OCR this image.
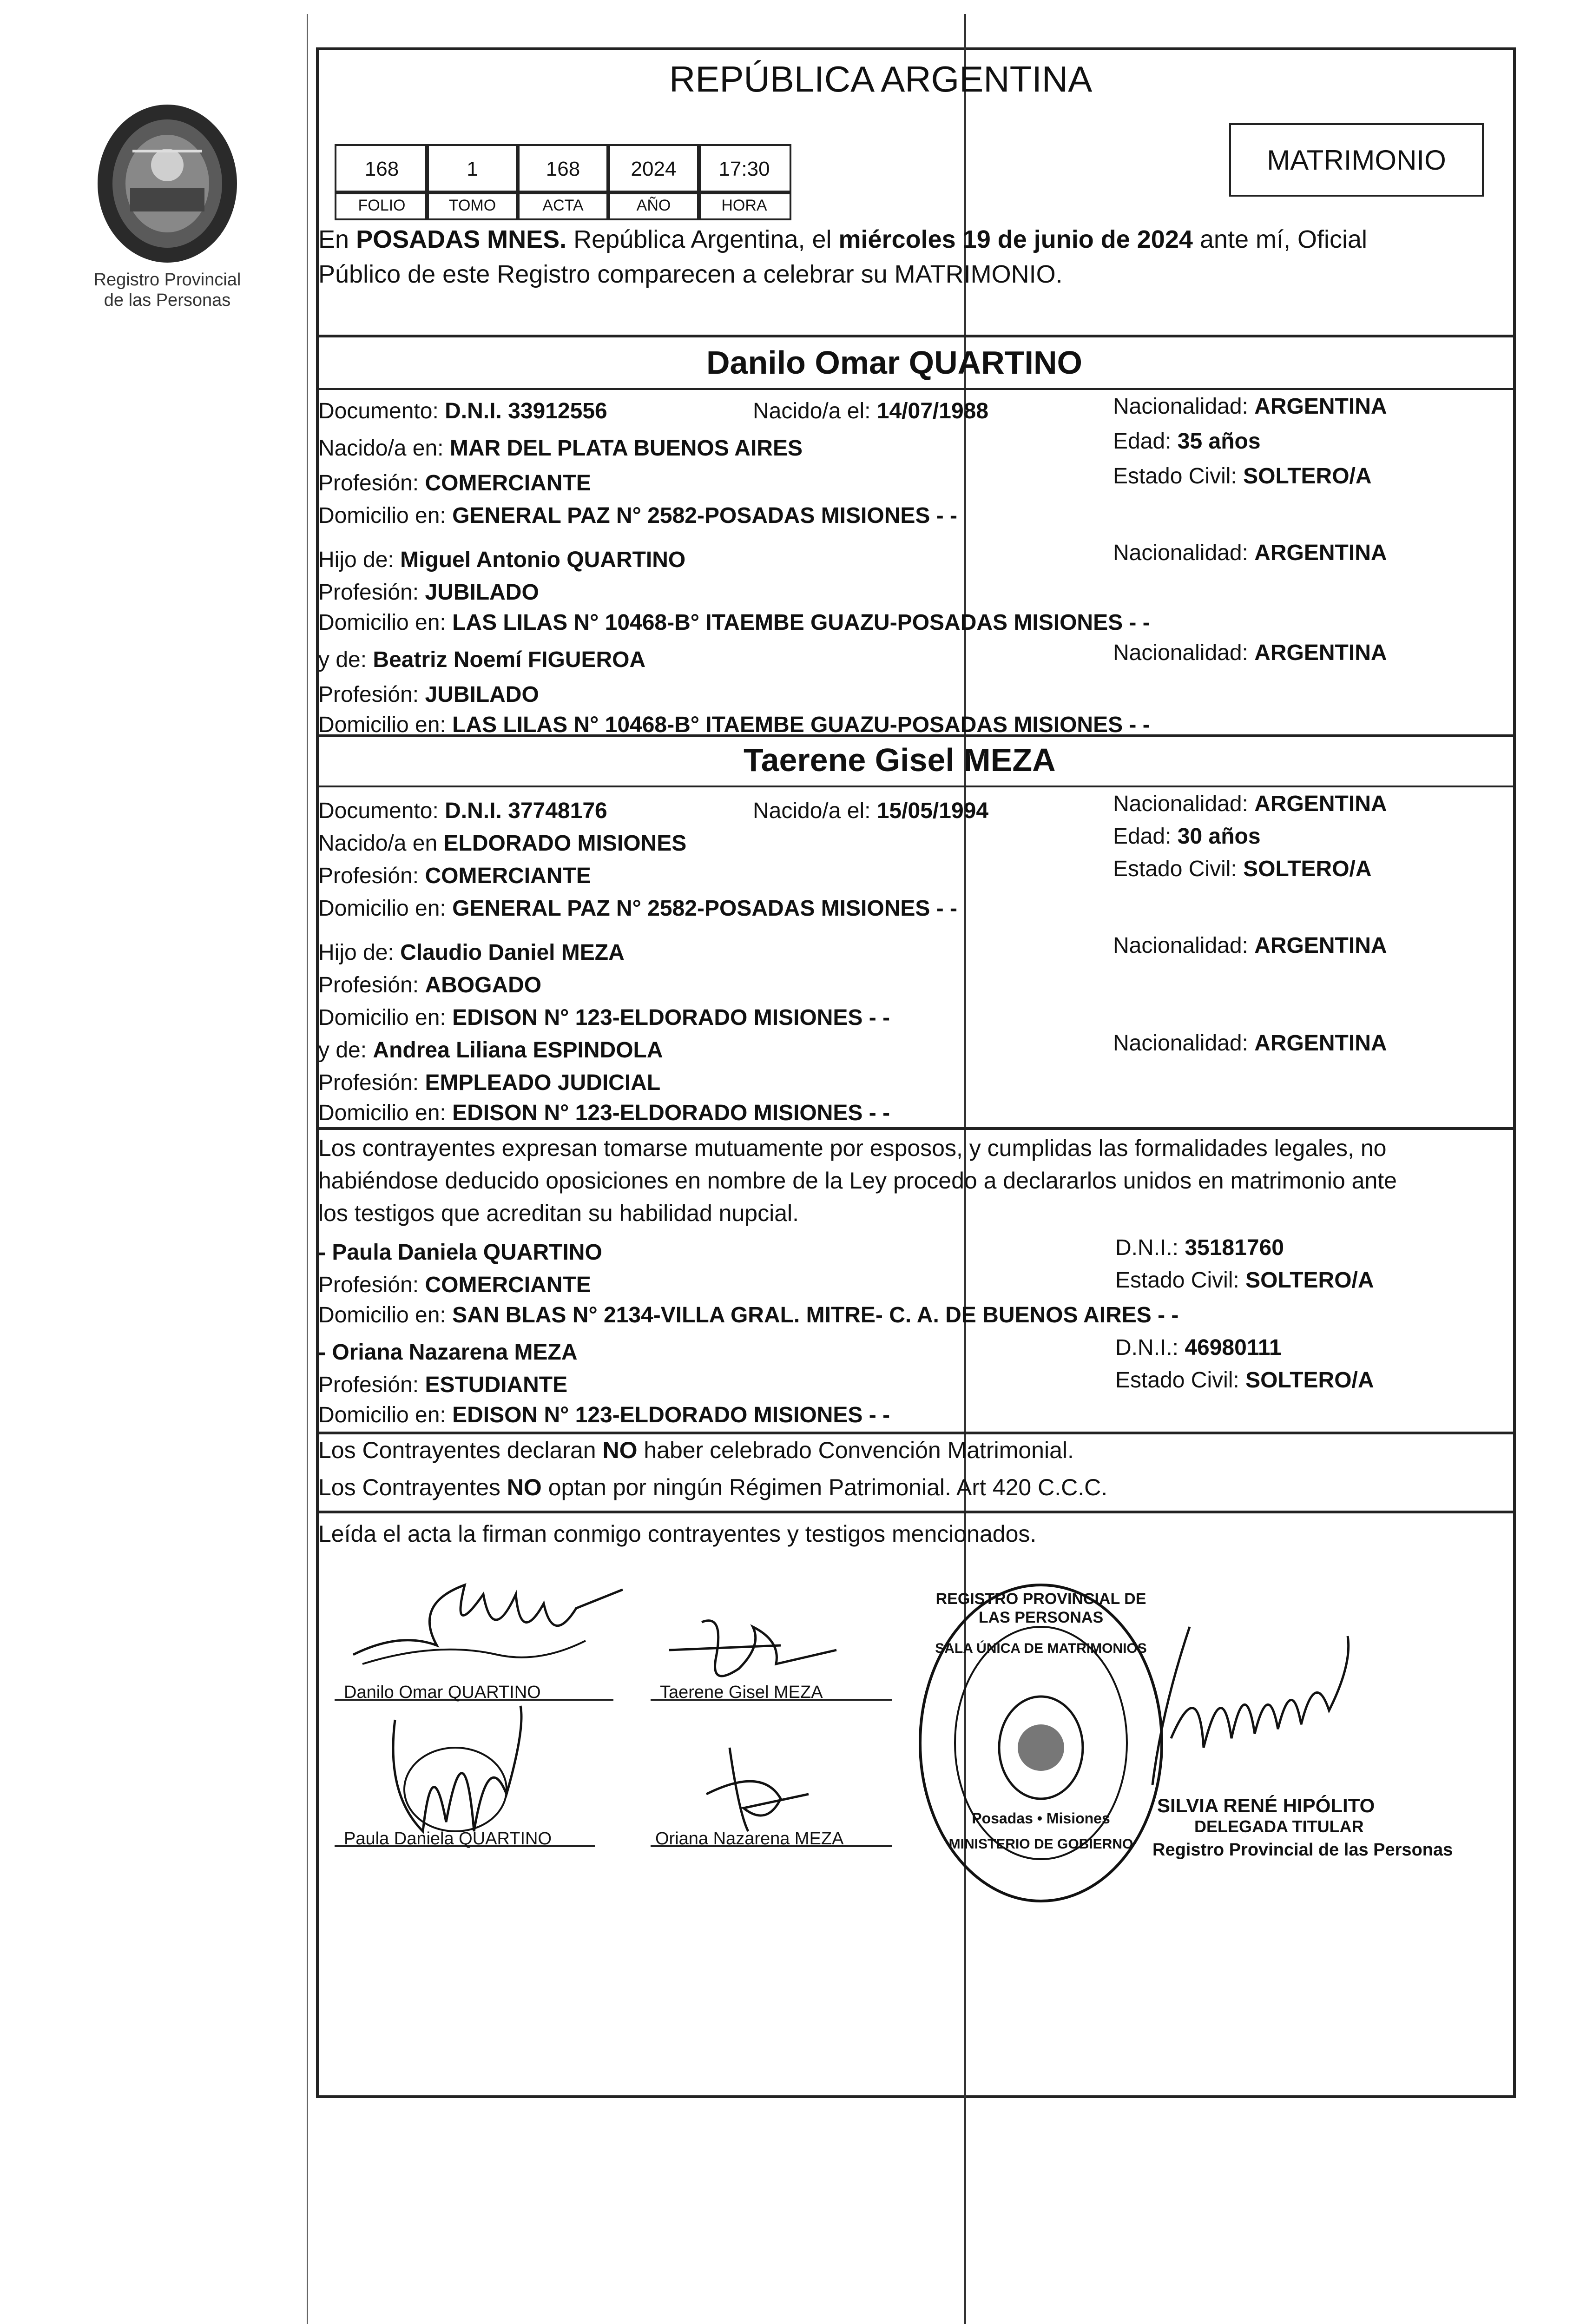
Registro Provincial
de las Personas
REPÚBLICA ARGENTINA
MATRIMONIO
168
FOLIO
1
TOMO
168
ACTA
2024
AÑO
17:30
HORA
En POSADAS MNES. República Argentina, el miércoles 19 de junio de 2024 ante mí, Oficial
Público de este Registro comparecen a celebrar su MATRIMONIO.
Danilo Omar QUARTINO
Documento: D.N.I. 33912556	Nacido/a el: 14/07/1988	Nacionalidad: ARGENTINA
Nacido/a en: MAR DEL PLATA BUENOS AIRES	Edad: 35 años
Profesión: COMERCIANTE	Estado Civil: SOLTERO/A
Domicilio en: GENERAL PAZ N° 2582-POSADAS MISIONES - -
Hijo de: Miguel Antonio QUARTINO	Nacionalidad: ARGENTINA
Profesión: JUBILADO
Domicilio en: LAS LILAS N° 10468-B° ITAEMBE GUAZU-POSADAS MISIONES - -
y de: Beatriz Noemí FIGUEROA	Nacionalidad: ARGENTINA
Profesión: JUBILADO
Domicilio en: LAS LILAS N° 10468-B° ITAEMBE GUAZU-POSADAS MISIONES - -
Taerene Gisel MEZA
Documento: D.N.I. 37748176	Nacido/a el: 15/05/1994	Nacionalidad: ARGENTINA
Nacido/a en ELDORADO MISIONES	Edad: 30 años
Profesión: COMERCIANTE	Estado Civil: SOLTERO/A
Domicilio en: GENERAL PAZ N° 2582-POSADAS MISIONES - -
Hijo de: Claudio Daniel MEZA	Nacionalidad: ARGENTINA
Profesión: ABOGADO
Domicilio en: EDISON N° 123-ELDORADO MISIONES - -
y de: Andrea Liliana ESPINDOLA	Nacionalidad: ARGENTINA
Profesión: EMPLEADO JUDICIAL
Domicilio en: EDISON N° 123-ELDORADO MISIONES - -
Los contrayentes expresan tomarse mutuamente por esposos, y cumplidas las formalidades legales, no
habiéndose deducido oposiciones en nombre de la Ley procedo a declararlos unidos en matrimonio ante
los testigos que acreditan su habilidad nupcial.
- Paula Daniela QUARTINO	D.N.I.: 35181760
Profesión: COMERCIANTE	Estado Civil: SOLTERO/A
Domicilio en: SAN BLAS N° 2134-VILLA GRAL. MITRE- C. A. DE BUENOS AIRES - -
- Oriana Nazarena MEZA	D.N.I.: 46980111
Profesión: ESTUDIANTE	Estado Civil: SOLTERO/A
Domicilio en: EDISON N° 123-ELDORADO MISIONES - -
Los Contrayentes declaran NO haber celebrado Convención Matrimonial.
Los Contrayentes NO optan por ningún Régimen Patrimonial. Art 420 C.C.C.
Leída el acta la firman conmigo contrayentes y testigos mencionados.
Danilo Omar QUARTINO	Taerene Gisel MEZA
Paula Daniela QUARTINO	Oriana Nazarena MEZA
REGISTRO PROVINCIAL DE LAS PERSONAS
SALA ÚNICA DE MATRIMONIOS
Posadas • Misiones
MINISTERIO DE GOBIERNO
SILVIA RENÉ HIPÓLITO
DELEGADA TITULAR
Registro Provincial de las Personas
